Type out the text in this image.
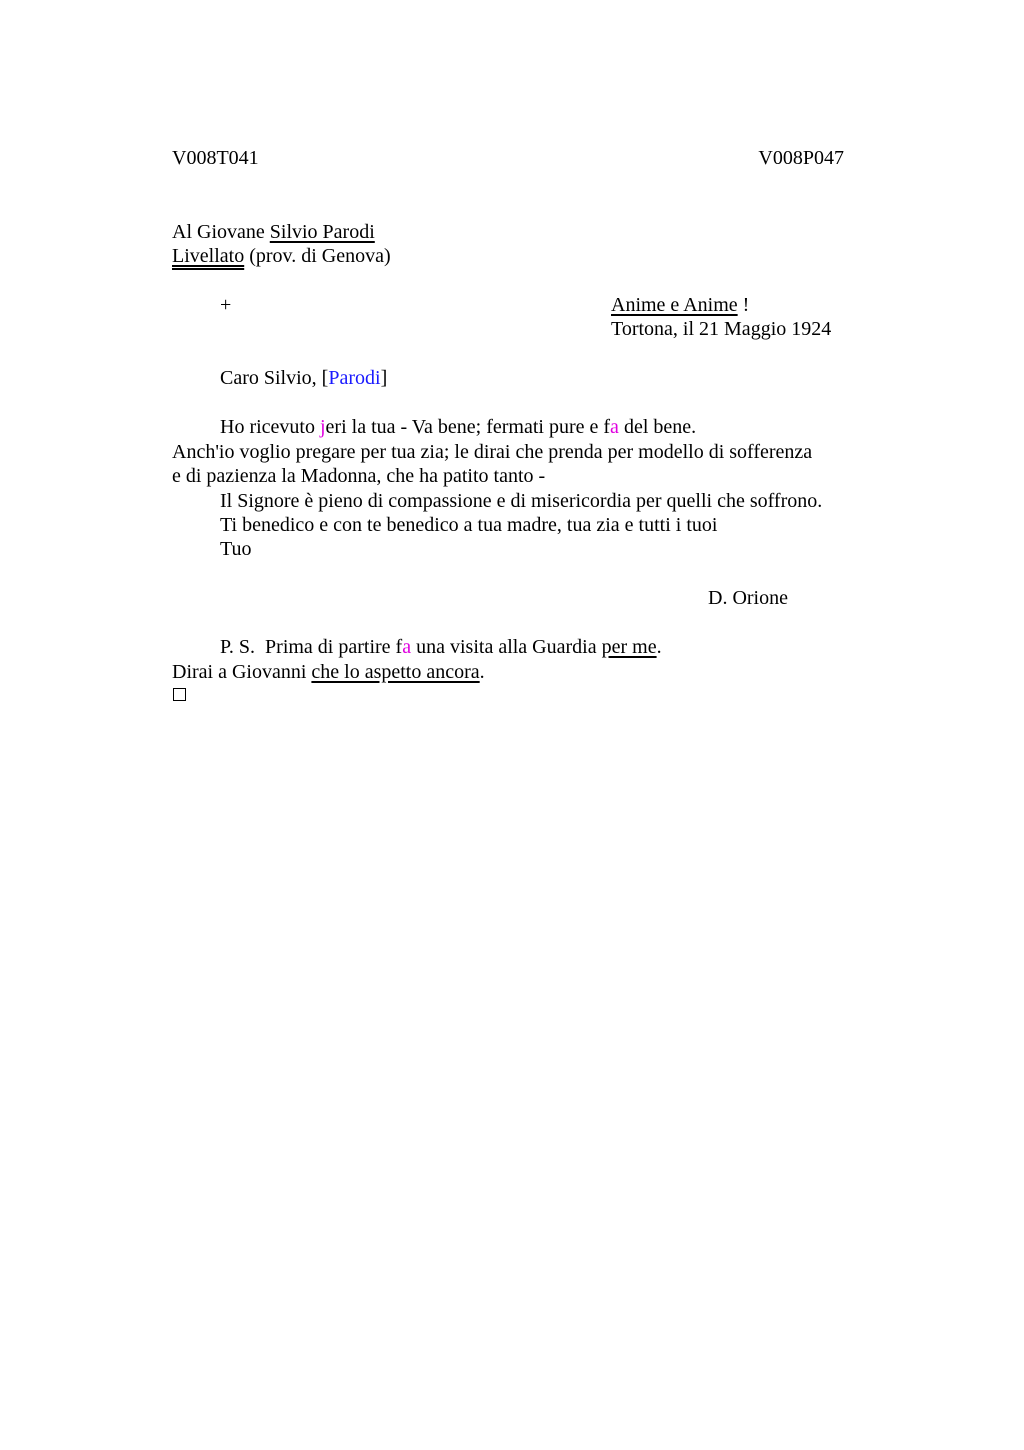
V008T041	V008P047
Al Giovane Silvio Parodi
Livellato (prov. di Genova)
+	Anime e Anime !
Tortona, il 21 Maggio 1924
Caro Silvio, [Parodi]
Ho ricevuto jeri la tua - Va bene; fermati pure e fa del bene.
Anch'io voglio pregare per tua zia; le dirai che prenda per modello di sofferenza
e di pazienza la Madonna, che ha patito tanto -
Il Signore è pieno di compassione e di misericordia per quelli che soffrono.
Ti benedico e con te benedico a tua madre, tua zia e tutti i tuoi
Tuo
D. Orione
P. S.  Prima di partire fa una visita alla Guardia per me.
Dirai a Giovanni che lo aspetto ancora.
